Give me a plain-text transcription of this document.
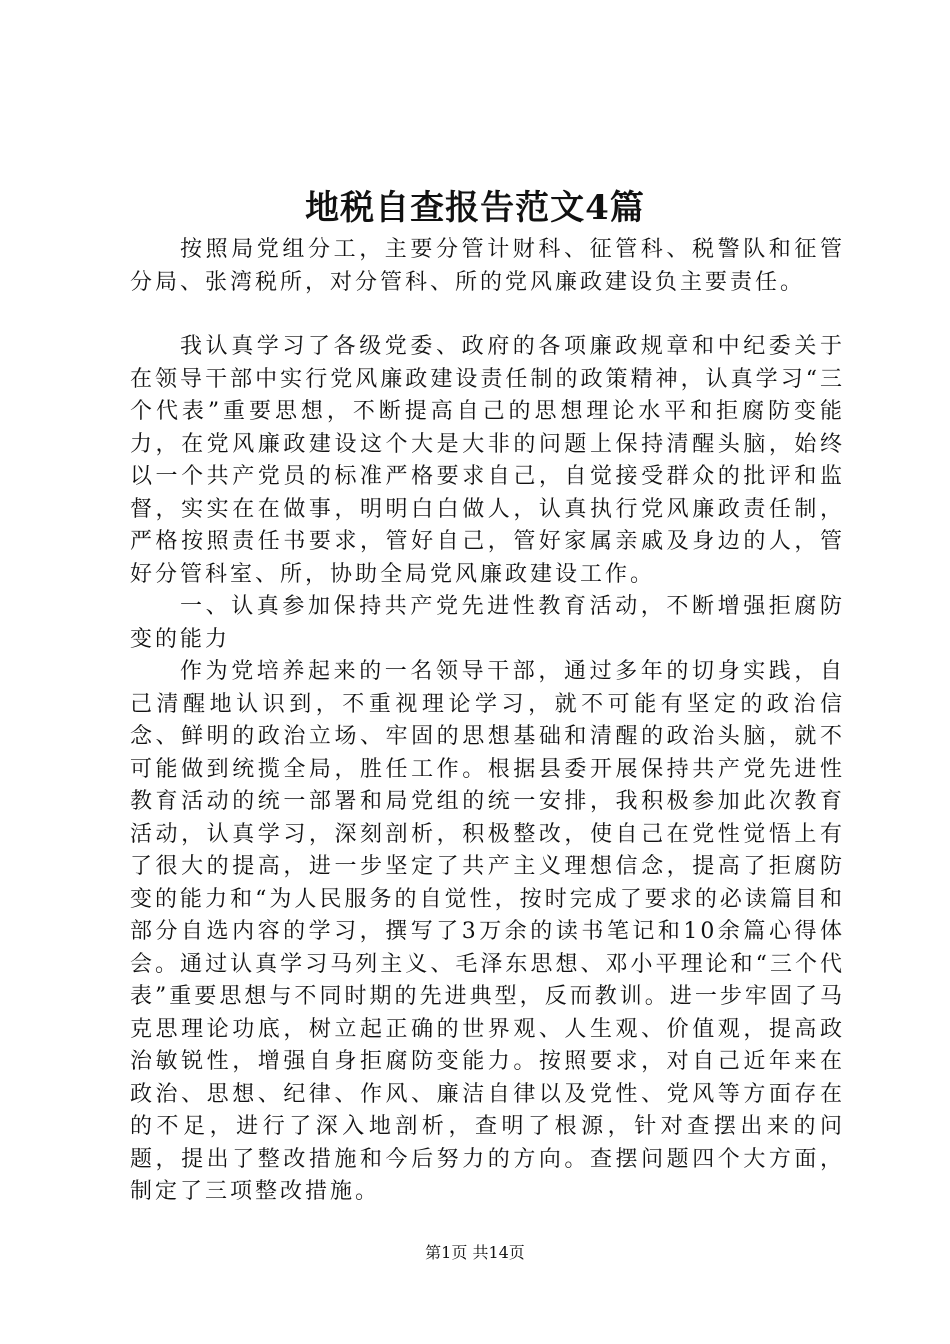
地税自查报告范文4篇

按照局党组分工，主要分管计财科、征管科、税警队和征管分局、张湾税所，对分管科、所的党风廉政建设负主要责任。

我认真学习了各级党委、政府的各项廉政规章和中纪委关于在领导干部中实行党风廉政建设责任制的政策精神，认真学习“三个代表”重要思想，不断提高自己的思想理论水平和拒腐防变能力，在党风廉政建设这个大是大非的问题上保持清醒头脑，始终以一个共产党员的标准严格要求自己，自觉接受群众的批评和监督，实实在在做事，明明白白做人，认真执行党风廉政责任制，严格按照责任书要求，管好自己，管好家属亲戚及身边的人，管好分管科室、所，协助全局党风廉政建设工作。

一、认真参加保持共产党先进性教育活动，不断增强拒腐防变的能力

作为党培养起来的一名领导干部，通过多年的切身实践，自己清醒地认识到，不重视理论学习，就不可能有坚定的政治信念、鲜明的政治立场、牢固的思想基础和清醒的政治头脑，就不可能做到统揽全局，胜任工作。根据县委开展保持共产党先进性教育活动的统一部署和局党组的统一安排，我积极参加此次教育活动，认真学习，深刻剖析，积极整改，使自己在党性觉悟上有了很大的提高，进一步坚定了共产主义理想信念，提高了拒腐防变的能力和“为人民服务的自觉性，按时完成了要求的必读篇目和部分自选内容的学习，撰写了3万余的读书笔记和10余篇心得体会。通过认真学习马列主义、毛泽东思想、邓小平理论和“三个代表”重要思想与不同时期的先进典型，反而教训。进一步牢固了马克思理论功底，树立起正确的世界观、人生观、价值观，提高政治敏锐性，增强自身拒腐防变能力。按照要求，对自己近年来在政治、思想、纪律、作风、廉洁自律以及党性、党风等方面存在的不足，进行了深入地剖析，查明了根源，针对查摆出来的问题，提出了整改措施和今后努力的方向。查摆问题四个大方面，制定了三项整改措施。

第1页 共14页
